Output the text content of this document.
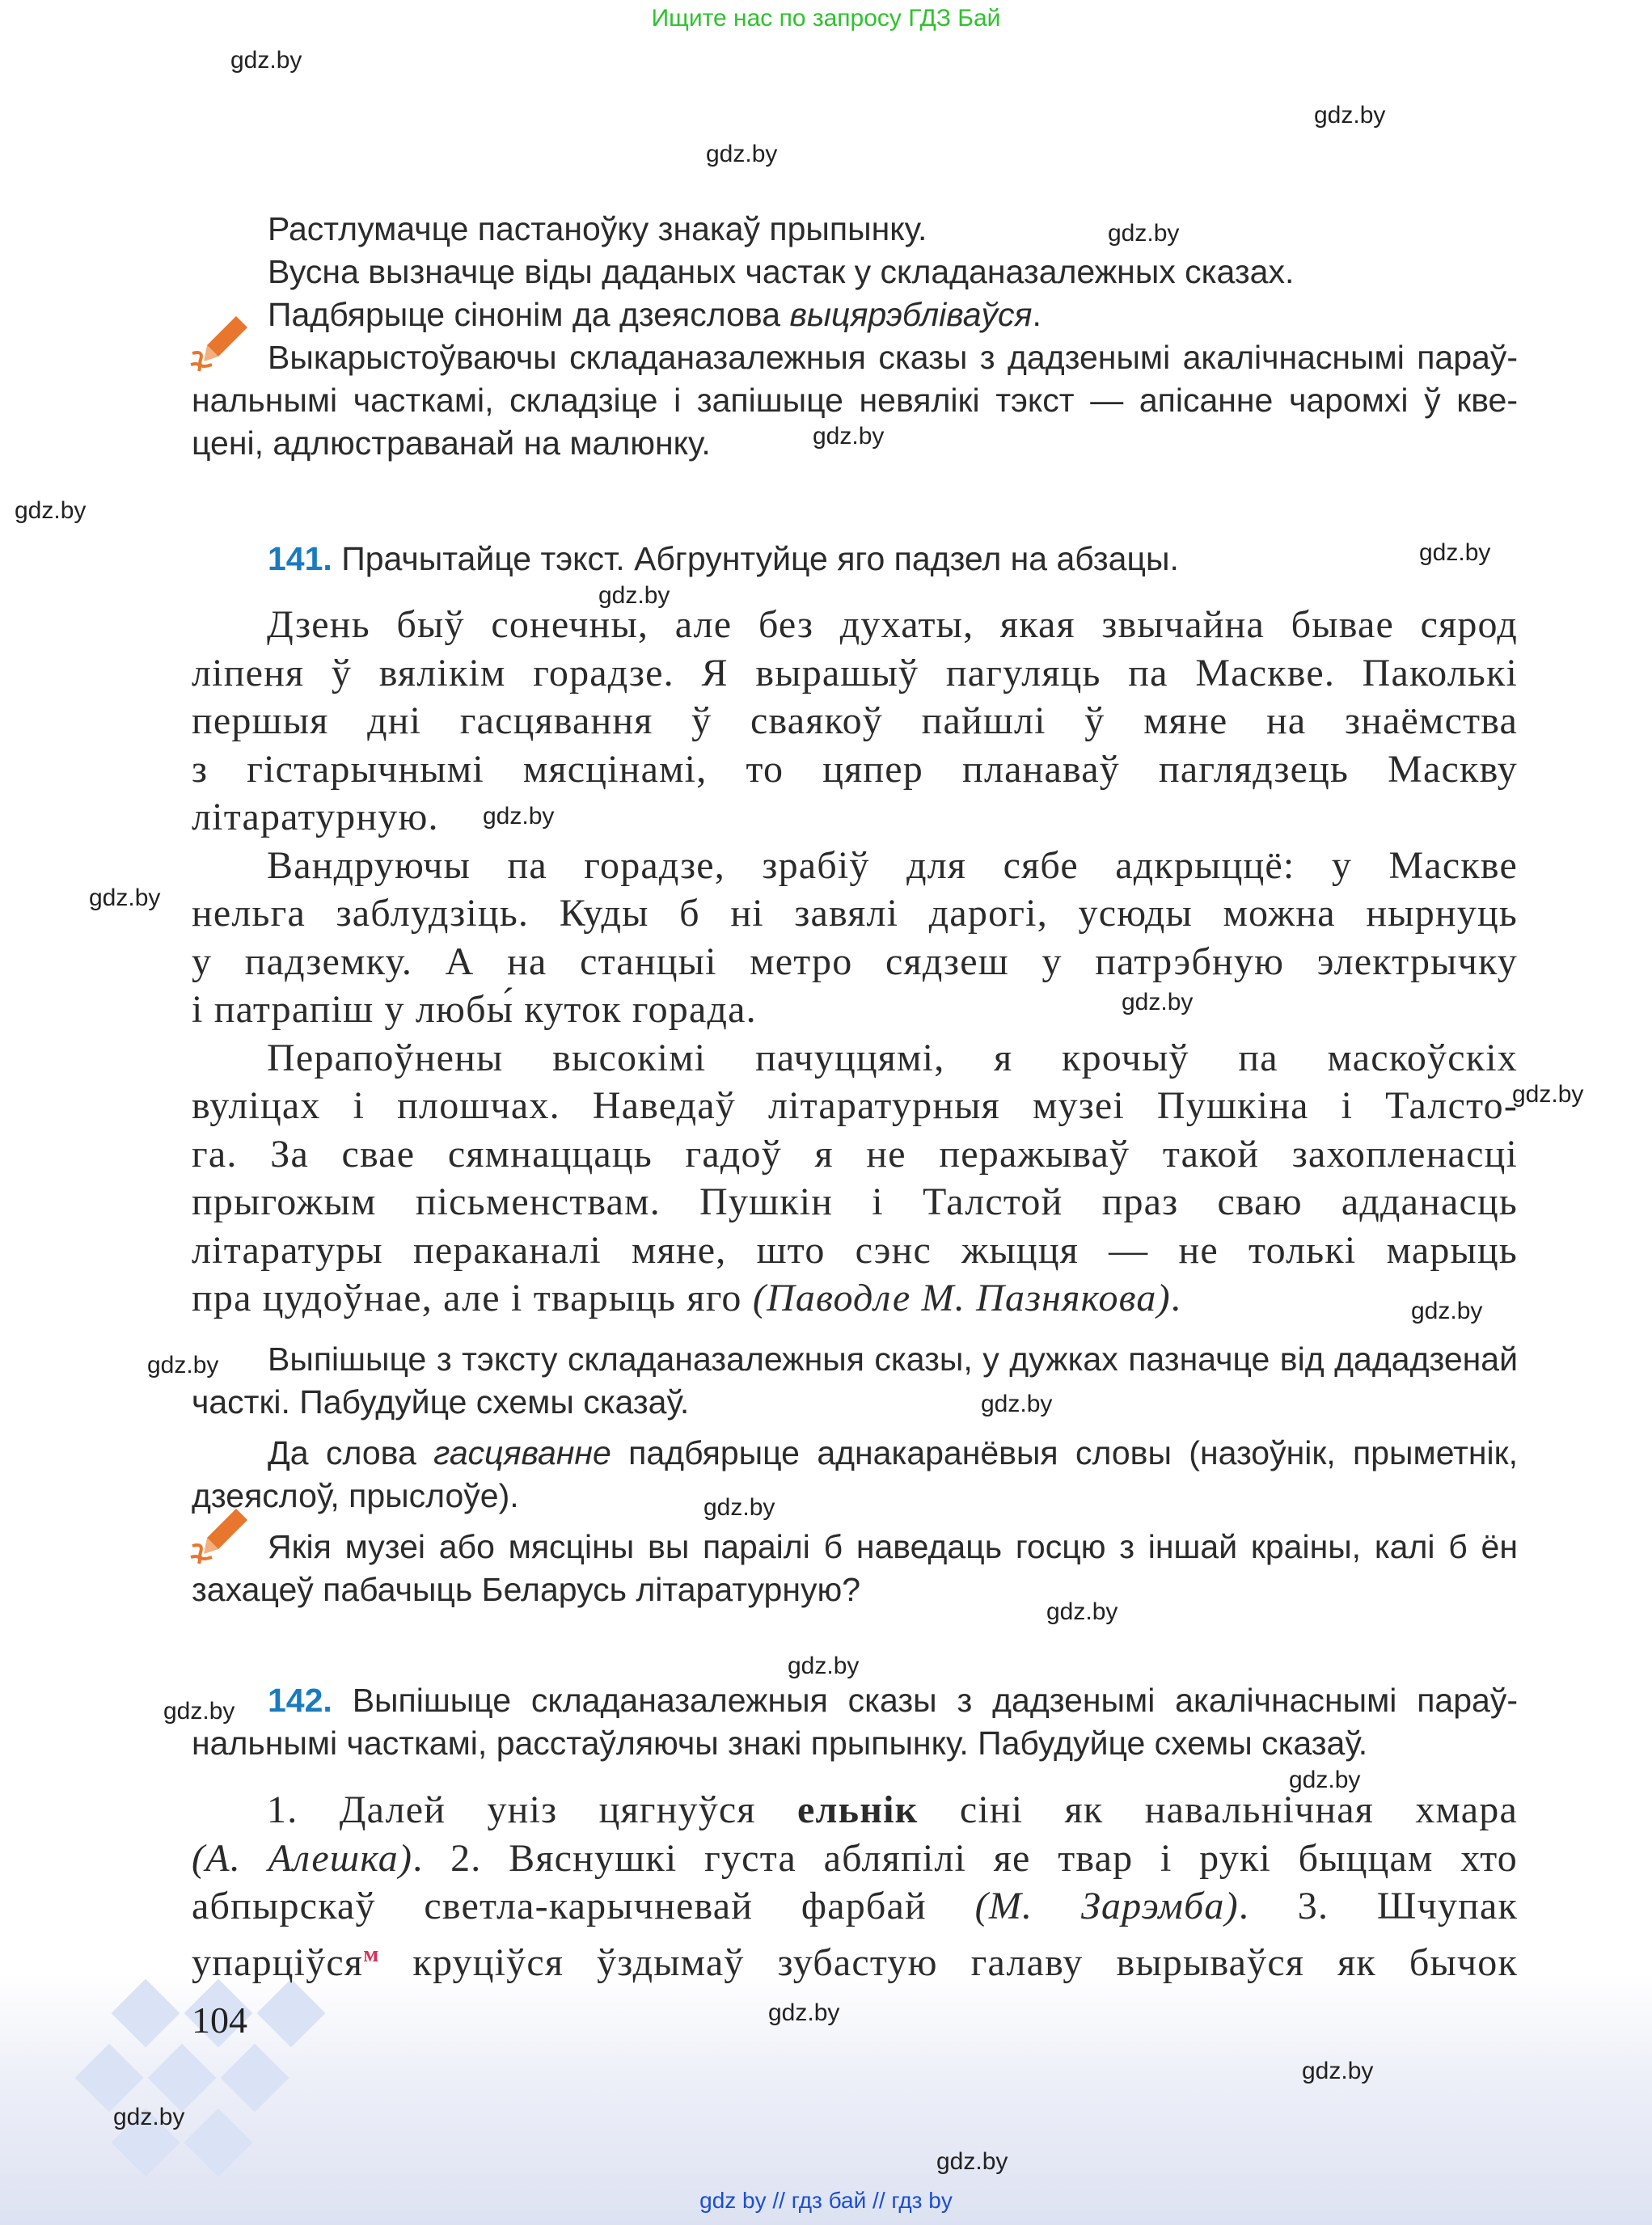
Ищите нас по запросу ГДЗ Бай
gdz.by
gdz.by
gdz.by
gdz.by
gdz.by
gdz.by
gdz.by
gdz.by
gdz.by
gdz.by
gdz.by
gdz.by
gdz.by
gdz.by
gdz.by
gdz.by
gdz.by
gdz.by
gdz.by
gdz.by
gdz.by
gdz.by
gdz.by
gdz.by
Растлумачце пастаноўку знакаў прыпынку.
Вусна вызначце віды даданых частак у складаназалежных сказах.
Падбярыце сінонім да дзеяслова выцярэбліваўся.
Выкарыстоўваючы складаназалежныя сказы з дадзенымі акалічнаснымі параў-
нальнымі часткамі, складзіце і запішыце невялікі тэкст — апісанне чаромхі ў кве-
цені, адлюстраванай на малюнку.
141. Прачытайце тэкст. Абгрунтуйце яго падзел на абзацы.
Дзень быў сонечны, але без духаты, якая звычайна бывае сярод
ліпеня ў вялікім горадзе. Я вырашыў пагуляць па Маскве. Паколькі
першыя дні гасцявання ў сваякоў пайшлі ў мяне на знаёмства
з гістарычнымі мясцінамі, то цяпер планаваў паглядзець Маскву
літаратурную.
Вандруючы па горадзе, зрабіў для сябе адкрыццё: у Маскве
нельга заблудзіць. Куды б ні завялі дарогі, усюды можна нырнуць
у падземку. А на станцыі метро сядзеш у патрэбную электрычку
і патрапіш у любы́ куток горада.
Перапоўнены высокімі пачуццямі, я крочыў па маскоўскіх
вуліцах і плошчах. Наведаў літаратурныя музеі Пушкіна і Талсто-
га. За свае сямнаццаць гадоў я не перажываў такой захопленасці
прыгожым пісьменствам. Пушкін і Талстой праз сваю адданасць
літаратуры пераканалі мяне, што сэнс жыцця — не толькі марыць
пра цудоўнае, але і тварыць яго (Паводле М. Пазнякова).
Выпішыце з тэксту складаназалежныя сказы, у дужках пазначце від дададзенай
часткі. Пабудуйце схемы сказаў.
Да слова гасцяванне падбярыце аднакаранёвыя словы (назоўнік, прыметнік,
дзеяслоў, прыслоўе).
Якія музеі або мясціны вы параілі б наведаць госцю з іншай краіны, калі б ён
захацеў пабачыць Беларусь літаратурную?
142. Выпішыце складаназалежныя сказы з дадзенымі акалічнаснымі параў-
нальнымі часткамі, расстаўляючы знакі прыпынку. Пабудуйце схемы сказаў.
1. Далей уніз цягнуўся ельнік сіні як навальнічная хмара
(А. Алешка). 2. Вяснушкі густа абляпілі яе твар і рукі быццам хто
абпырскаў светла-карычневай фарбай (М. Зарэмба). 3. Шчупак
упарціўся$^м$ круціўся ўздымаў зубастую галаву вырываўся як бычок
104
gdz by // гдз бай // гдз by
